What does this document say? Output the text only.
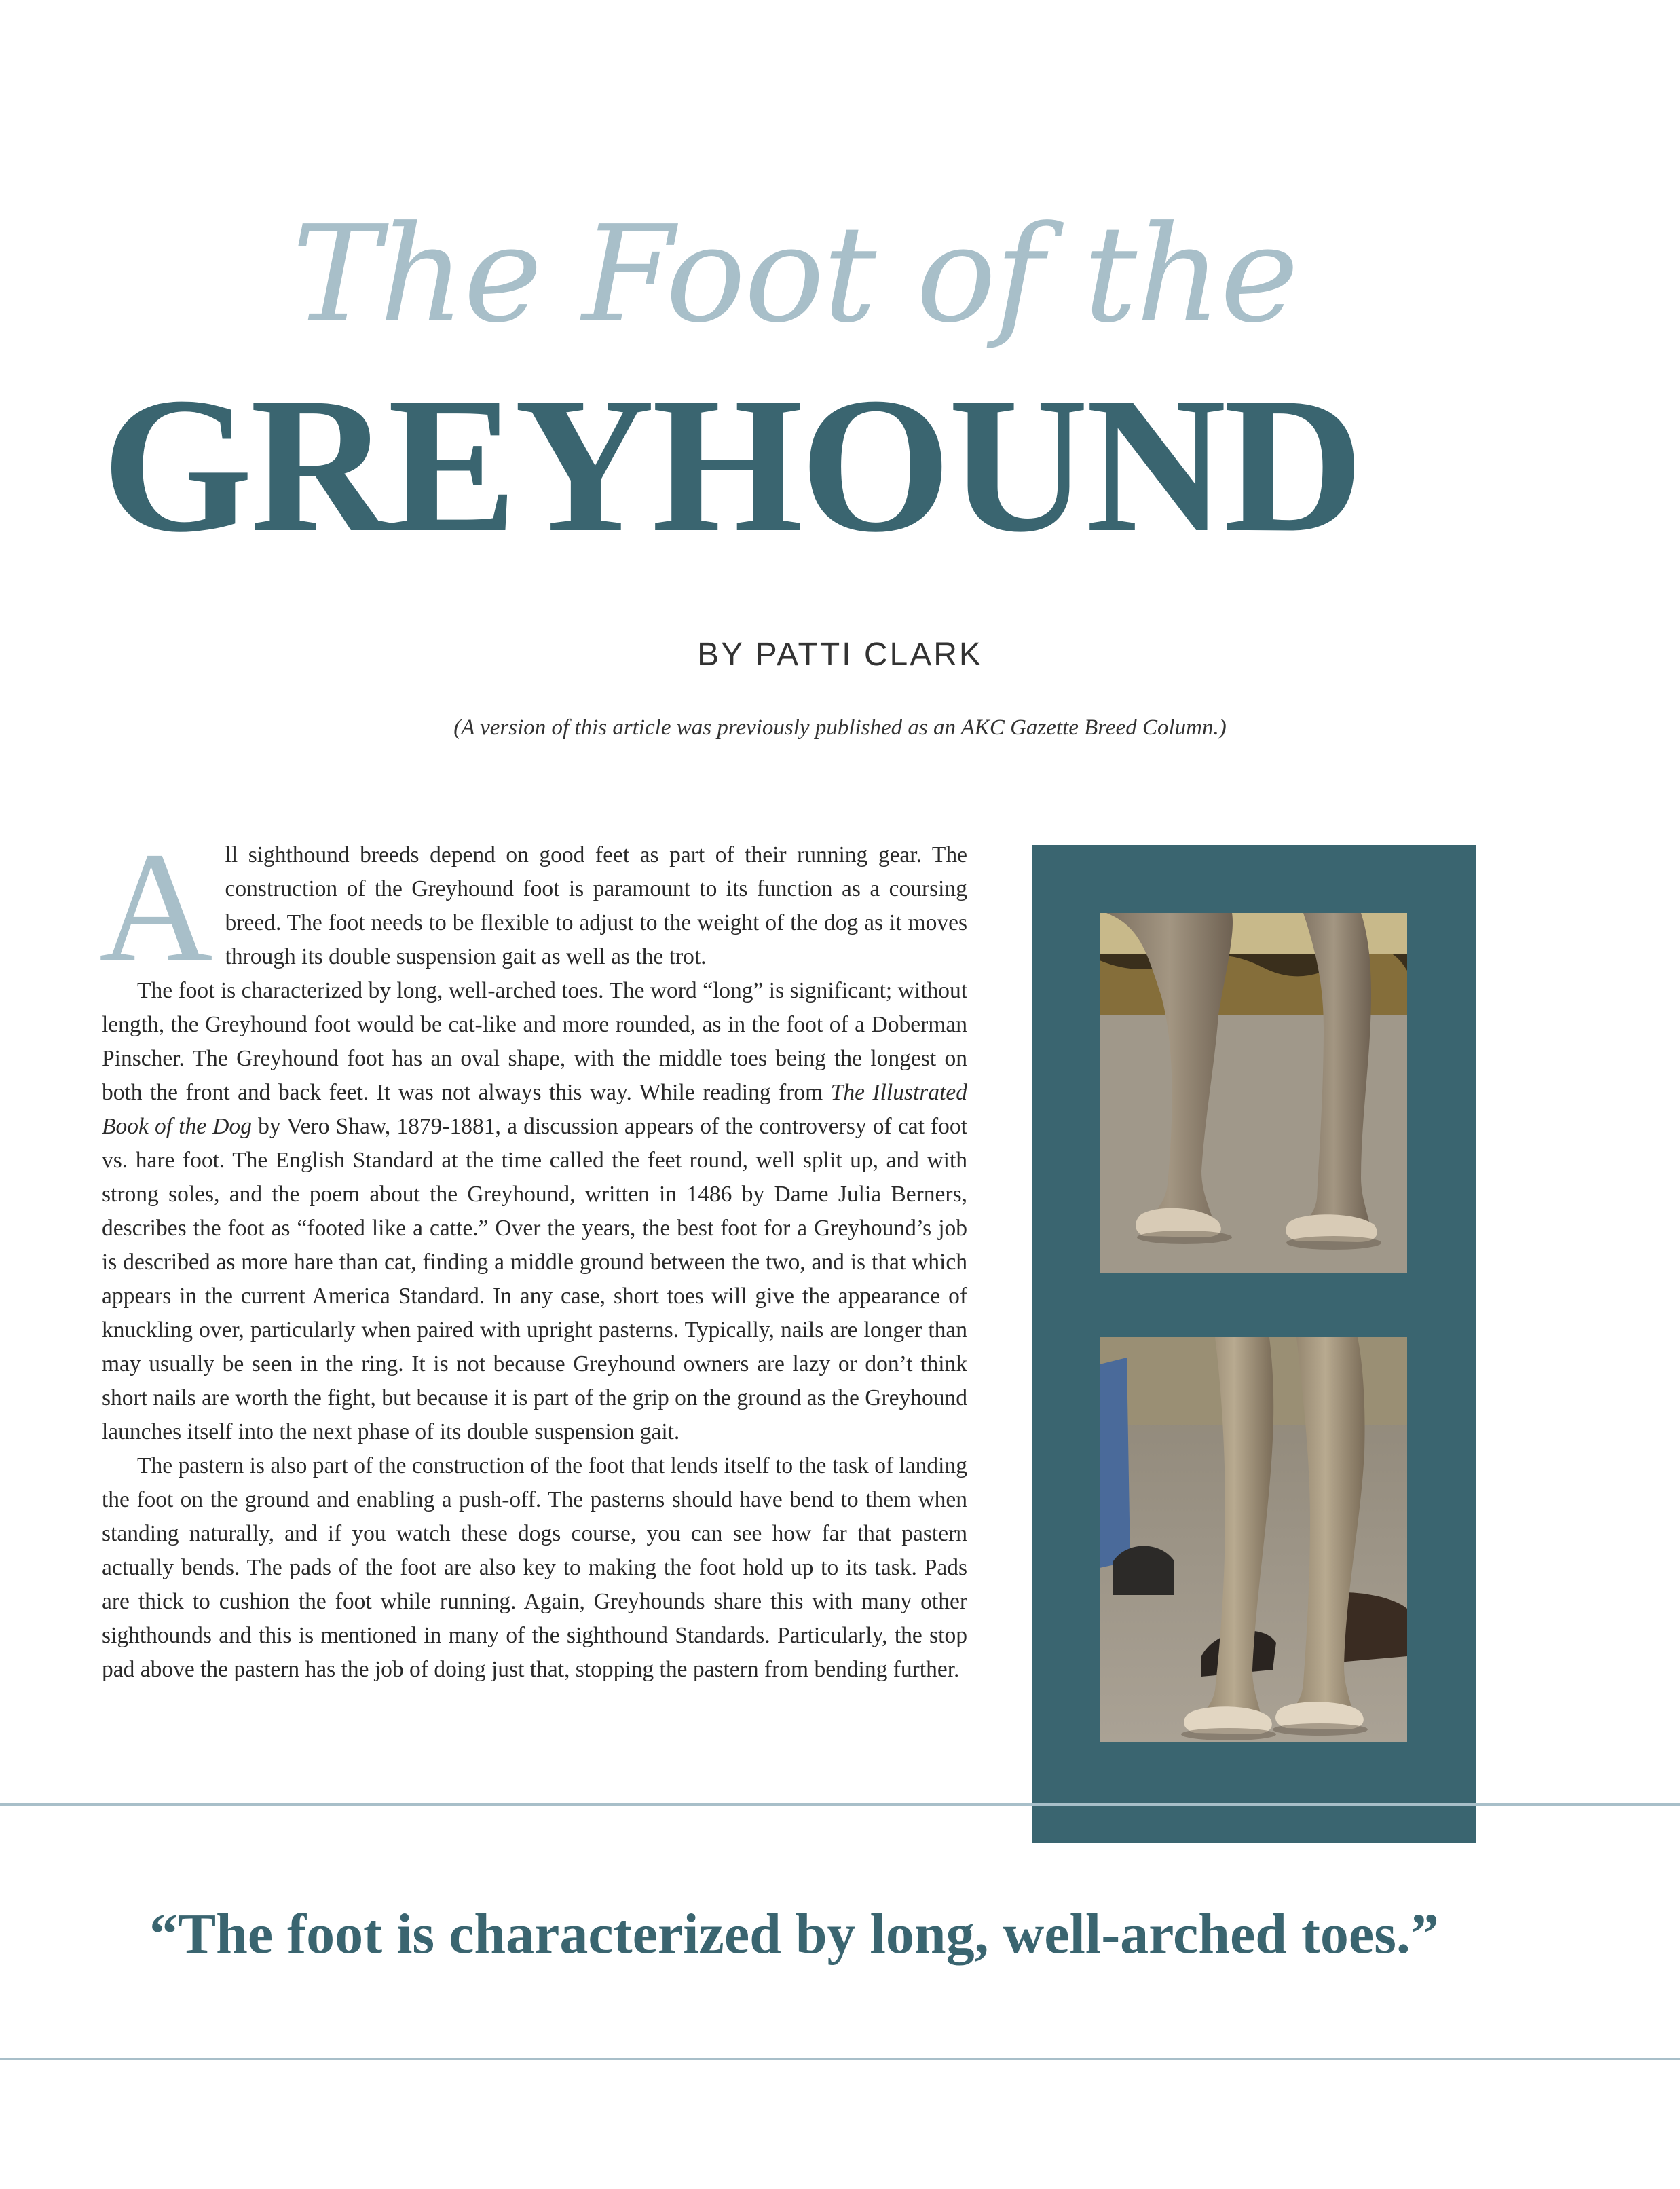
The Foot of the
GREYHOUND
BY PATTI CLARK
(A version of this article was previously published as an AKC Gazette Breed Column.)

All sighthound breeds depend on good feet as part of their running gear. The construction of the Greyhound foot is paramount to its function as a coursing breed. The foot needs to be flexible to adjust to the weight of the dog as it moves through its double suspension gait as well as the trot.

The foot is characterized by long, well-arched toes. The word “long” is significant; without length, the Greyhound foot would be cat-like and more rounded, as in the foot of a Doberman Pinscher. The Greyhound foot has an oval shape, with the middle toes being the longest on both the front and back feet. It was not always this way. While reading from The Illustrated Book of the Dog by Vero Shaw, 1879-1881, a discussion appears of the controversy of cat foot vs. hare foot. The English Standard at the time called the feet round, well split up, and with strong soles, and the poem about the Greyhound, written in 1486 by Dame Julia Berners, describes the foot as “footed like a catte.” Over the years, the best foot for a Greyhound’s job is described as more hare than cat, finding a middle ground between the two, and is that which appears in the current America Standard. In any case, short toes will give the appearance of knuckling over, particularly when paired with upright pasterns. Typically, nails are longer than may usually be seen in the ring. It is not because Greyhound owners are lazy or don’t think short nails are worth the fight, but because it is part of the grip on the ground as the Greyhound launches itself into the next phase of its double suspension gait.

The pastern is also part of the construction of the foot that lends itself to the task of landing the foot on the ground and enabling a push-off. The pasterns should have bend to them when standing naturally, and if you watch these dogs course, you can see how far that pastern actually bends. The pads of the foot are also key to making the foot hold up to its task. Pads are thick to cushion the foot while running. Again, Greyhounds share this with many other sighthounds and this is mentioned in many of the sighthound Standards. Particularly, the stop pad above the pastern has the job of doing just that, stopping the pastern from bending further.

“The foot is characterized by long, well-arched toes.”
